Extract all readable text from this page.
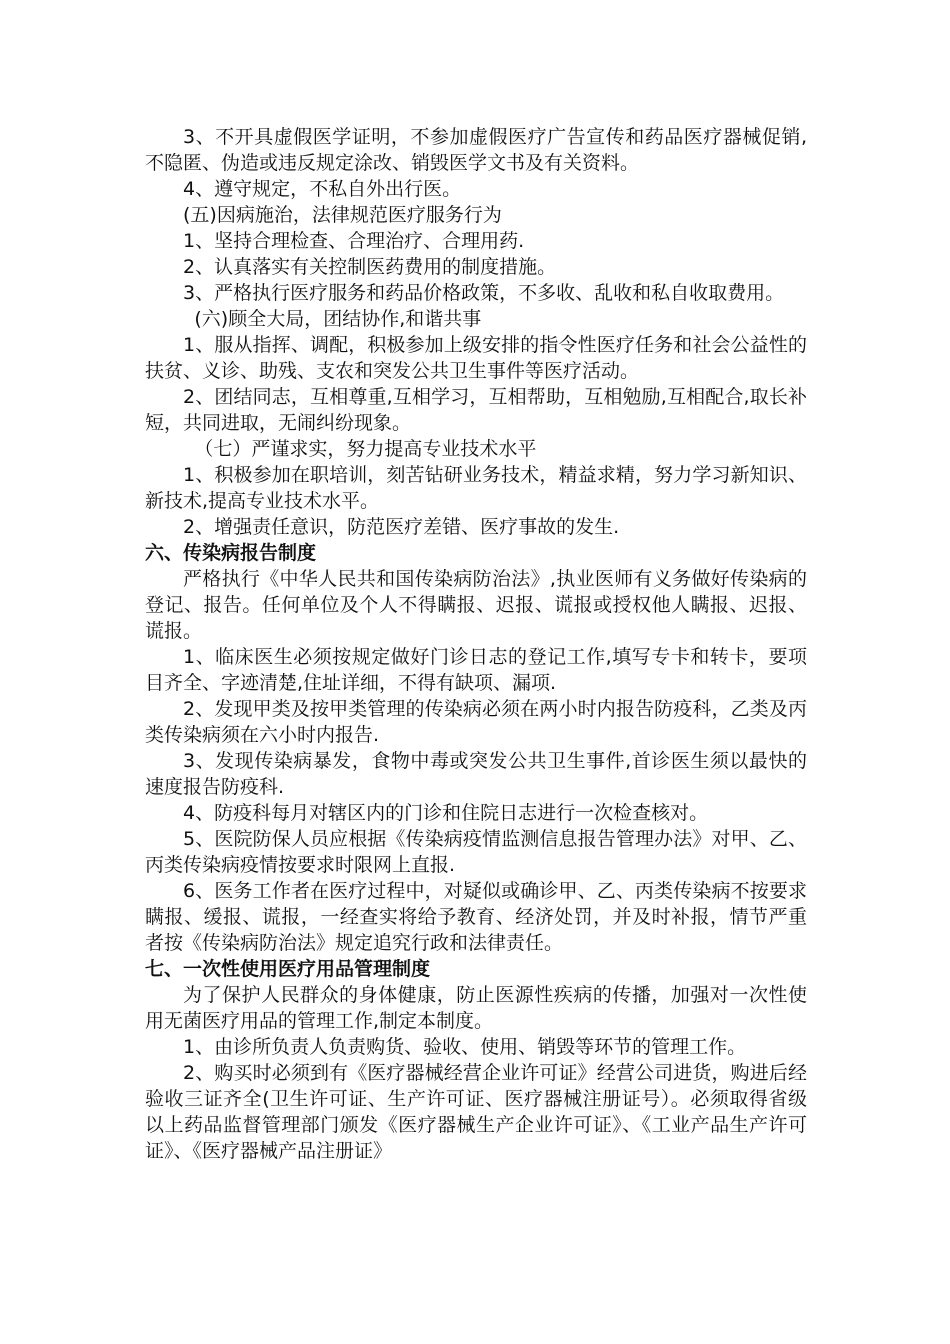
3、不开具虚假医学证明，不参加虚假医疗广告宣传和药品医疗器械促销,不隐匿、伪造或违反规定涂改、销毁医学文书及有关资料。

4、遵守规定，不私自外出行医。

(五)因病施治，法律规范医疗服务行为

1、坚持合理检查、合理治疗、合理用药.

2、认真落实有关控制医药费用的制度措施。

3、严格执行医疗服务和药品价格政策，不多收、乱收和私自收取费用。

(六)顾全大局，团结协作,和谐共事

1、服从指挥、调配，积极参加上级安排的指令性医疗任务和社会公益性的扶贫、义诊、助残、支农和突发公共卫生事件等医疗活动。

2、团结同志，互相尊重,互相学习，互相帮助，互相勉励,互相配合,取长补短，共同进取，无闹纠纷现象。

（七）严谨求实，努力提高专业技术水平

1、积极参加在职培训，刻苦钻研业务技术，精益求精，努力学习新知识、新技术,提高专业技术水平。

2、增强责任意识，防范医疗差错、医疗事故的发生.

六、传染病报告制度

严格执行《中华人民共和国传染病防治法》,执业医师有义务做好传染病的登记、报告。任何单位及个人不得瞒报、迟报、谎报或授权他人瞒报、迟报、谎报。

1、临床医生必须按规定做好门诊日志的登记工作,填写专卡和转卡，要项目齐全、字迹清楚,住址详细，不得有缺项、漏项.

2、发现甲类及按甲类管理的传染病必须在两小时内报告防疫科，乙类及丙类传染病须在六小时内报告.

3、发现传染病暴发，食物中毒或突发公共卫生事件,首诊医生须以最快的速度报告防疫科.

4、防疫科每月对辖区内的门诊和住院日志进行一次检查核对。

5、医院防保人员应根据《传染病疫情监测信息报告管理办法》对甲、乙、丙类传染病疫情按要求时限网上直报.

6、医务工作者在医疗过程中，对疑似或确诊甲、乙、丙类传染病不按要求瞒报、缓报、谎报，一经查实将给予教育、经济处罚，并及时补报，情节严重者按《传染病防治法》规定追究行政和法律责任。

七、一次性使用医疗用品管理制度

为了保护人民群众的身体健康，防止医源性疾病的传播，加强对一次性使用无菌医疗用品的管理工作,制定本制度。

1、由诊所负责人负责购货、验收、使用、销毁等环节的管理工作。

2、购买时必须到有《医疗器械经营企业许可证》经营公司进货，购进后经验收三证齐全(卫生许可证、生产许可证、医疗器械注册证号）。必须取得省级以上药品监督管理部门颁发《医疗器械生产企业许可证》、《工业产品生产许可证》、《医疗器械产品注册证》
